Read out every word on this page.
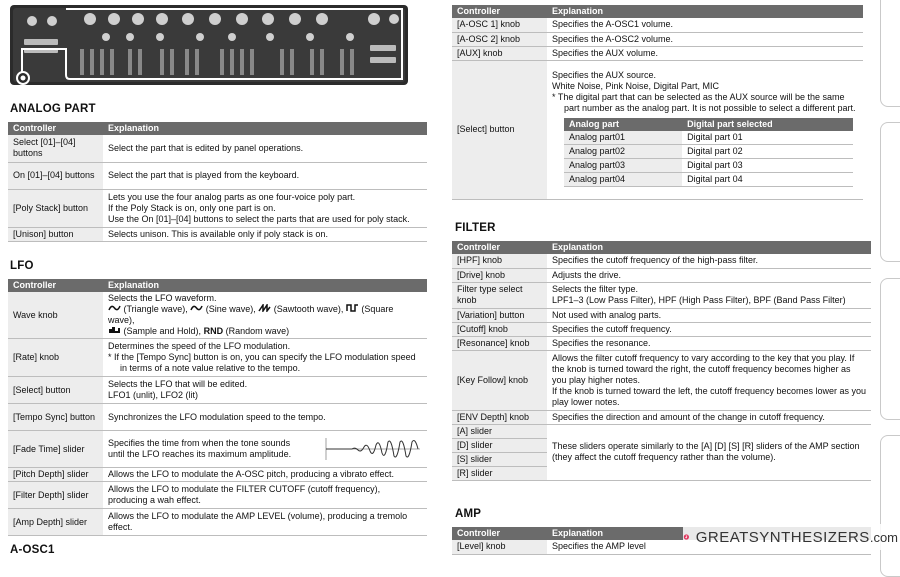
ANALOG PART
Controller	Explanation
Select [01]–[04] buttons	Select the part that is edited by panel operations.
On [01]–[04] buttons	Select the part that is played from the keyboard.
[Poly Stack] button	Lets you use the four analog parts as one four-voice poly part.
If the Poly Stack is on, only one part is on.
Use the On [01]–[04] buttons to select the parts that are used for poly stack.

[Unison] button	Selects unison. This is available only if poly stack is on.
LFO
Controller	Explanation
Wave knob	Selects the LFO waveform.
(Triangle wave), (Sine wave), (Sawtooth wave), (Square wave),
(Sample and Hold), RND (Random wave)

[Rate] knob	Determines the speed of the LFO modulation.
* If the [Tempo Sync] button is on, you can specify the LFO modulation speed in terms of a note value relative to the tempo.

[Select] button	Selects the LFO that will be edited.
LFO1 (unlit), LFO2 (lit)

[Tempo Sync] button	Synchronizes the LFO modulation speed to the tempo.
[Fade Time] slider	Specifies the time from when the tone sounds until the LFO reaches its maximum amplitude.

[Pitch Depth] slider	Allows the LFO to modulate the A-OSC pitch, producing a vibrato effect.
[Filter Depth] slider	Allows the LFO to modulate the FILTER CUTOFF (cutoff frequency), producing a wah effect.
[Amp Depth] slider	Allows the LFO to modulate the AMP LEVEL (volume), producing a tremolo effect.
A-OSC1
Controller	Explanation
[A-OSC 1] knob	Specifies the A-OSC1 volume.
[A-OSC 2] knob	Specifies the A-OSC2 volume.
[AUX] knob	Specifies the AUX volume.
[Select] button	
Specifies the AUX source.
White Noise, Pink Noise, Digital Part, MIC
* The digital part that can be selected as the AUX source will be the same part number as the analog part. It is not possible to select a different part.
Analog part	Digital part selected
Analog part01	Digital part 01
Analog part02	Digital part 02
Analog part03	Digital part 03
Analog part04	Digital part 04
FILTER
Controller	Explanation
[HPF] knob	Specifies the cutoff frequency of the high-pass filter.
[Drive] knob	Adjusts the drive.
Filter type select knob	Selects the filter type.
LPF1–3 (Low Pass Filter), HPF (High Pass Filter), BPF (Band Pass Filter)

[Variation] button	Not used with analog parts.
[Cutoff] knob	Specifies the cutoff frequency.
[Resonance] knob	Specifies the resonance.
[Key Follow] knob	Allows the filter cutoff frequency to vary according to the key that you play. If the knob is turned toward the right, the cutoff frequency becomes higher as you play higher notes.
If the knob is turned toward the left, the cutoff frequency becomes lower as you play lower notes.

[ENV Depth] knob	Specifies the direction and amount of the change in cutoff frequency.
[A] slider	These sliders operate similarly to the [A] [D] [S] [R] sliders of the AMP section (they affect the cutoff frequency rather than the volume).
[D] slider	
[S] slider	
[R] slider	
AMP
Controller	Explanation
[Level] knob	Specifies the AMP level
GREATSYNTHESIZERS .com
